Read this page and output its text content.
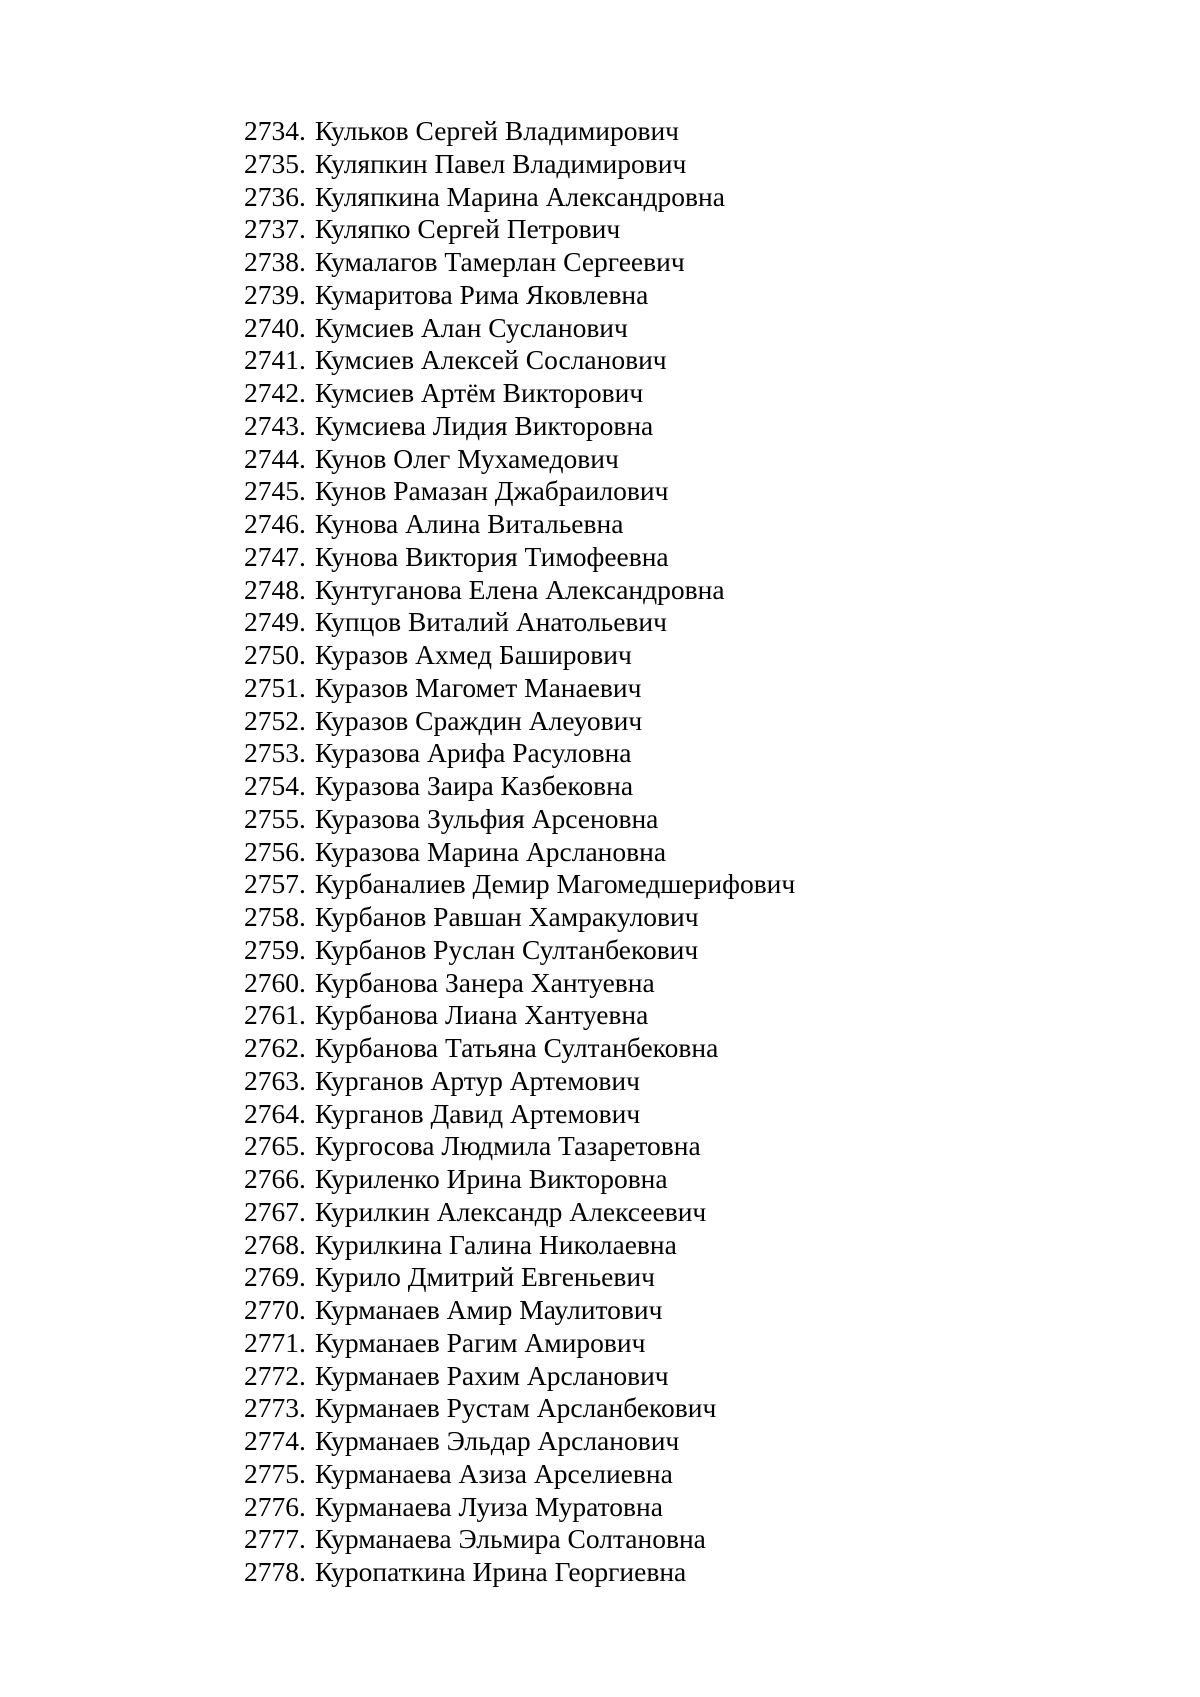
2734. Кульков Сергей Владимирович
2735. Куляпкин Павел Владимирович
2736. Куляпкина Марина Александровна
2737. Куляпко Сергей Петрович
2738. Кумалагов Тамерлан Сергеевич
2739. Кумаритова Рима Яковлевна
2740. Кумсиев Алан Сусланович
2741. Кумсиев Алексей Сосланович
2742. Кумсиев Артём Викторович
2743. Кумсиева Лидия Викторовна
2744. Кунов Олег Мухамедович
2745. Кунов Рамазан Джабраилович
2746. Кунова Алина Витальевна
2747. Кунова Виктория Тимофеевна
2748. Кунтуганова Елена Александровна
2749. Купцов Виталий Анатольевич
2750. Куразов Ахмед Баширович
2751. Куразов Магомет Манаевич
2752. Куразов Сраждин Алеуович
2753. Куразова Арифа Расуловна
2754. Куразова Заира Казбековна
2755. Куразова Зульфия Арсеновна
2756. Куразова Марина Арслановна
2757. Курбаналиев Демир Магомедшерифович
2758. Курбанов Равшан Хамракулович
2759. Курбанов Руслан Султанбекович
2760. Курбанова Занера Хантуевна
2761. Курбанова Лиана Хантуевна
2762. Курбанова Татьяна Султанбековна
2763. Курганов Артур Артемович
2764. Курганов Давид Артемович
2765. Кургосова Людмила Тазаретовна
2766. Куриленко Ирина Викторовна
2767. Курилкин Александр Алексеевич
2768. Курилкина Галина Николаевна
2769. Курило Дмитрий Евгеньевич
2770. Курманаев Амир Маулитович
2771. Курманаев Рагим Амирович
2772. Курманаев Рахим Арсланович
2773. Курманаев Рустам Арсланбекович
2774. Курманаев Эльдар Арсланович
2775. Курманаева Азиза Арселиевна
2776. Курманаева Луиза Муратовна
2777. Курманаева Эльмира Солтановна
2778. Куропаткина Ирина Георгиевна
